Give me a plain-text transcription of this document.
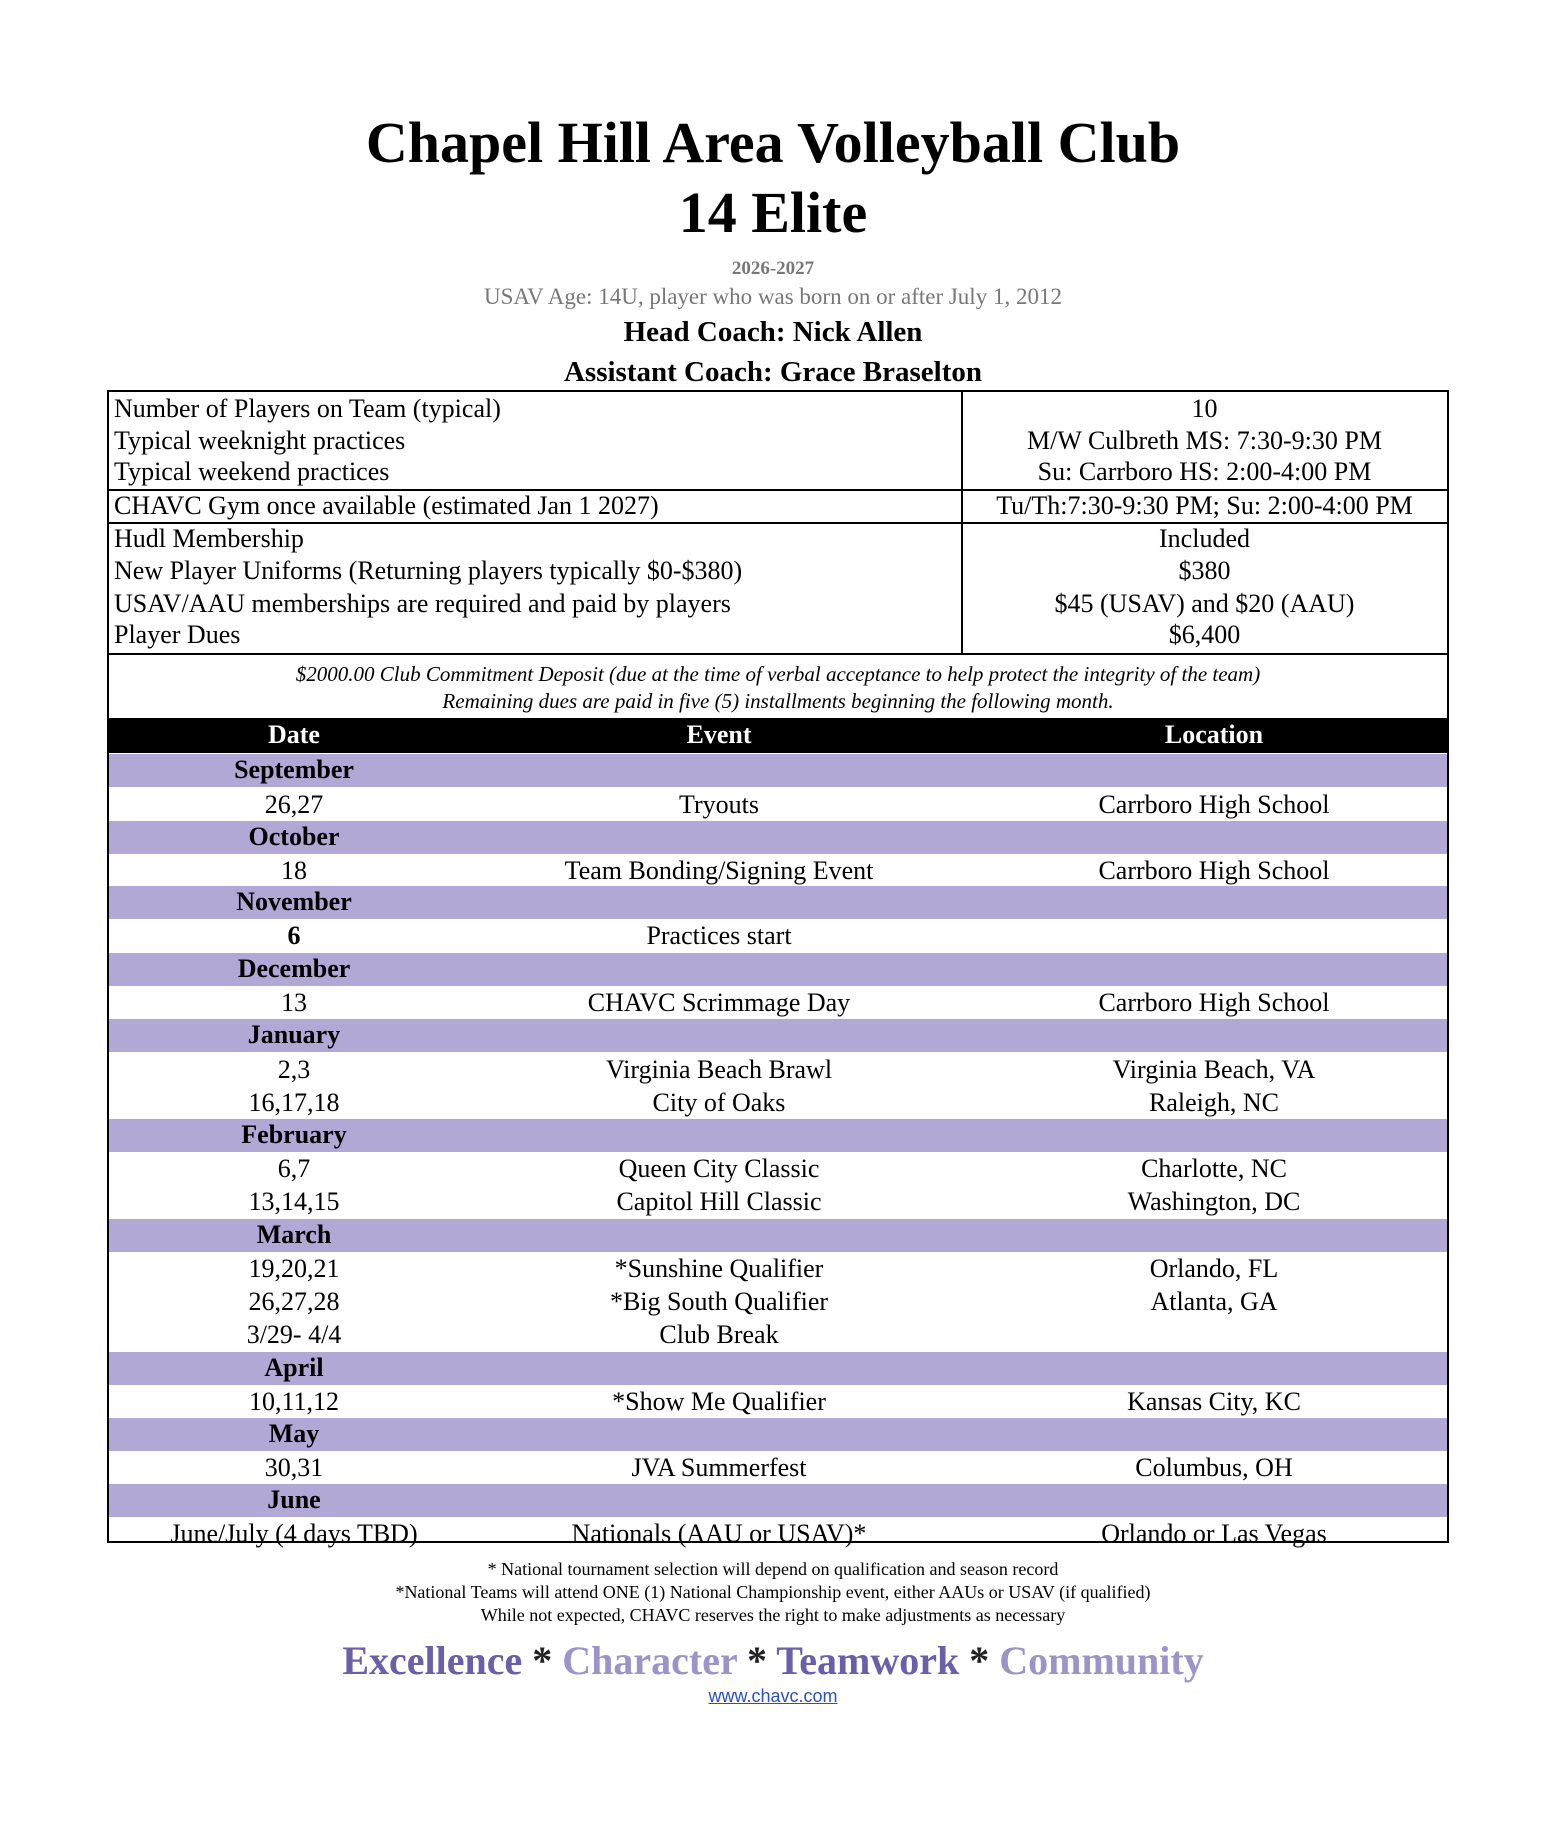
Chapel Hill Area Volleyball Club
14 Elite
2026-2027
USAV Age: 14U, player who was born on or after July 1, 2012
Head Coach: Nick Allen
Assistant Coach: Grace Braselton
Number of Players on Team (typical)	10
Typical weeknight practices	M/W Culbreth MS: 7:30-9:30 PM
Typical weekend practices	Su: Carrboro HS: 2:00-4:00 PM
CHAVC Gym once available (estimated Jan 1 2027)	Tu/Th:7:30-9:30 PM; Su: 2:00-4:00 PM
Hudl Membership	Included
New Player Uniforms (Returning players typically $0-$380)	$380
USAV/AAU memberships are required and paid by players	$45 (USAV) and $20 (AAU)
Player Dues	$6,400
$2000.00 Club Commitment Deposit (due at the time of verbal acceptance to help protect the integrity of the team)
Remaining dues are paid in five (5) installments beginning the following month.
Date	Event	Location
September
26,27	Tryouts	Carrboro High School
October
18	Team Bonding/Signing Event	Carrboro High School
November
6	Practices start
December
13	CHAVC Scrimmage Day	Carrboro High School
January
2,3	Virginia Beach Brawl	Virginia Beach, VA
16,17,18	City of Oaks	Raleigh, NC
February
6,7	Queen City Classic	Charlotte, NC
13,14,15	Capitol Hill Classic	Washington, DC
March
19,20,21	*Sunshine Qualifier	Orlando, FL
26,27,28	*Big South Qualifier	Atlanta, GA
3/29- 4/4	Club Break
April
10,11,12	*Show Me Qualifier	Kansas City, KC
May
30,31	JVA Summerfest	Columbus, OH
June
June/July (4 days TBD)	Nationals (AAU or USAV)*	Orlando or Las Vegas
* National tournament selection will depend on qualification and season record
*National Teams will attend ONE (1) National Championship event, either AAUs or USAV (if qualified)
While not expected, CHAVC reserves the right to make adjustments as necessary
Excellence * Character * Teamwork * Community
www.chavc.com
